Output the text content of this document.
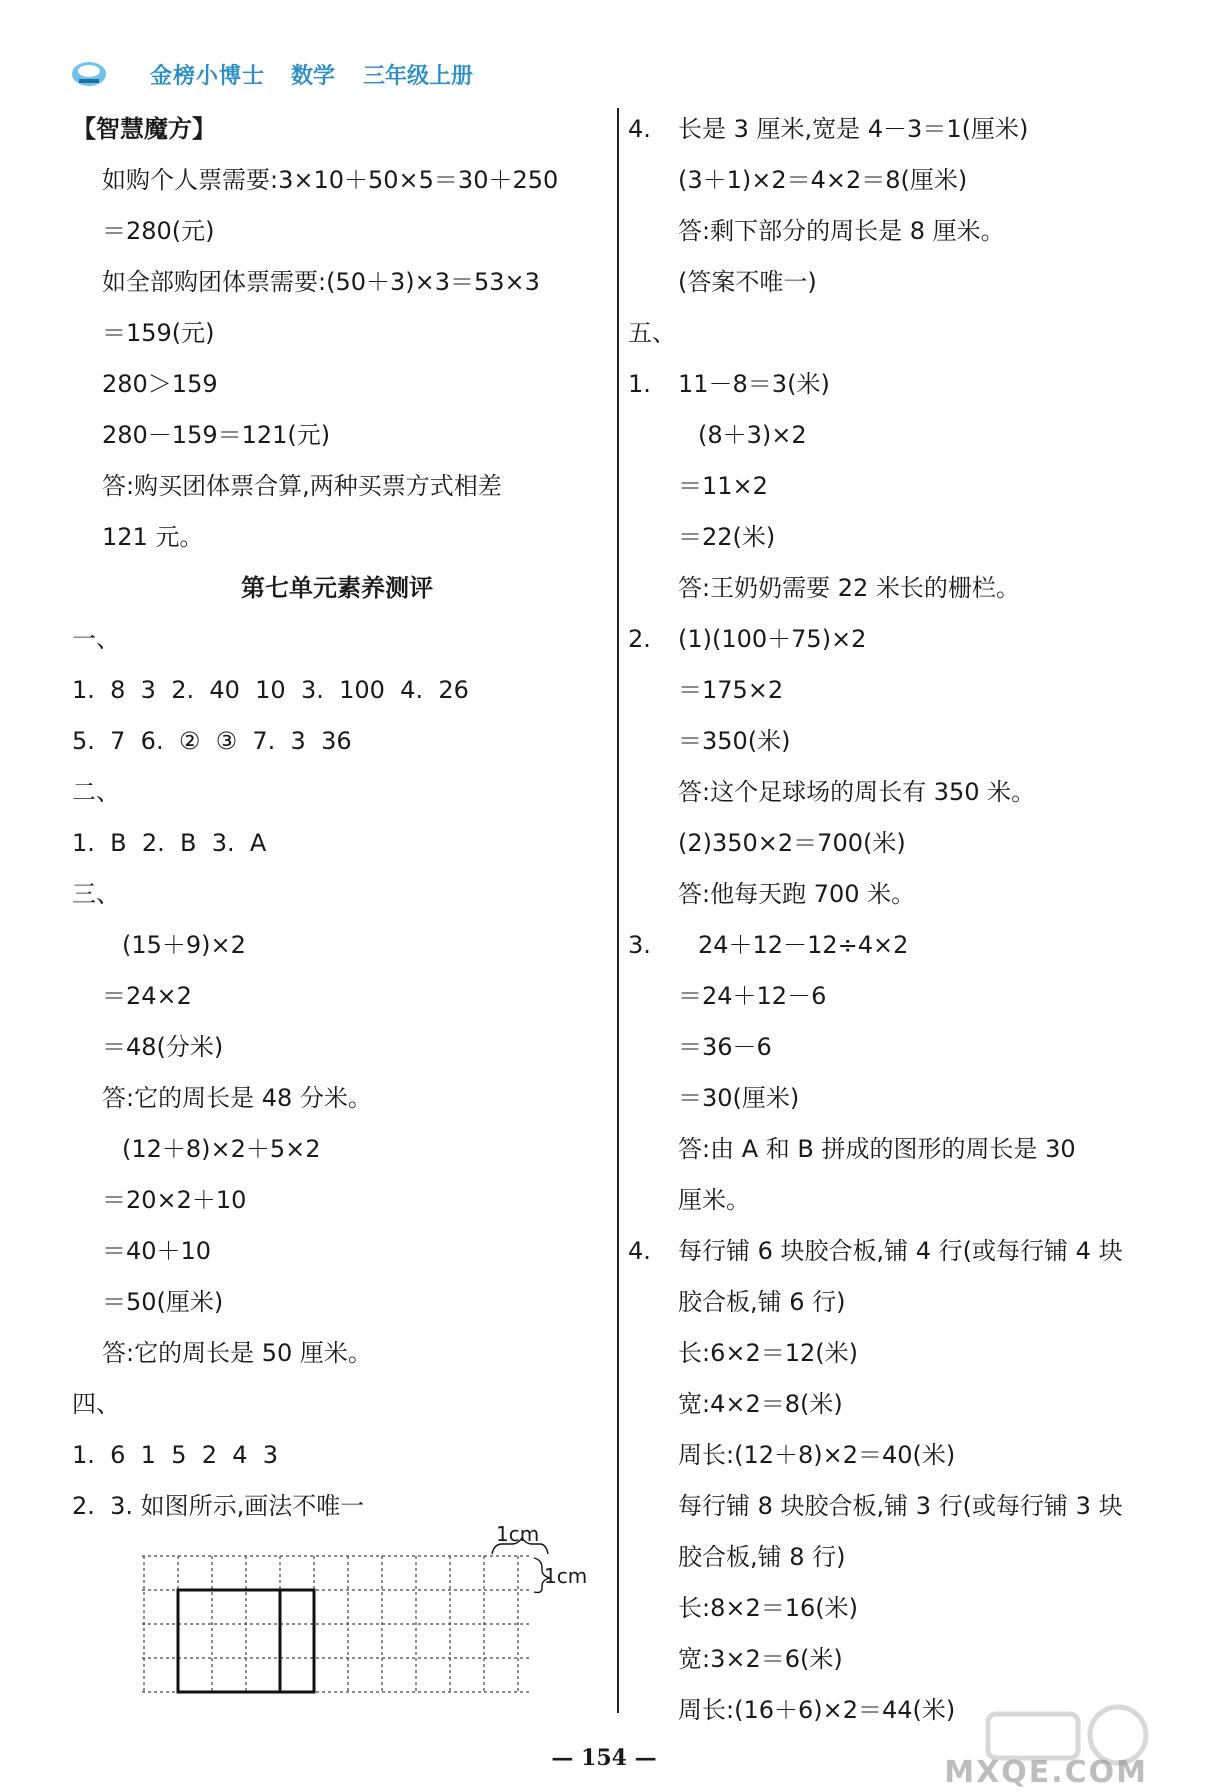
金榜小博士 数学 三年级上册
【智慧魔方】
如购个人票需要:3×10＋50×5＝30＋250
＝280(元)
如全部购团体票需要:(50＋3)×3＝53×3
＝159(元)
280＞159
280－159＝121(元)
答:购买团体票合算,两种买票方式相差
121 元。
第七单元素养测评
一、
1.  8  3  2.  40  10  3.  100  4.  26
5.  7  6.  ②  ③  7.  3  36
二、
1.  B  2.  B  3.  A
三、
(15＋9)×2
＝24×2
＝48(分米)
答:它的周长是 48 分米。
(12＋8)×2＋5×2
＝20×2＋10
＝40＋10
＝50(厘米)
答:它的周长是 50 厘米。
四、
1.  6  1  5  2  4  3
2.  3. 如图所示,画法不唯一
1cm
1cm
4. 长是 3 厘米,宽是 4－3＝1(厘米)
(3＋1)×2＝4×2＝8(厘米)
答:剩下部分的周长是 8 厘米。
(答案不唯一)
五、
1. 11－8＝3(米)
(8＋3)×2
＝11×2
＝22(米)
答:王奶奶需要 22 米长的栅栏。
2. (1)(100＋75)×2
＝175×2
＝350(米)
答:这个足球场的周长有 350 米。
(2)350×2＝700(米)
答:他每天跑 700 米。
3. 24＋12－12÷4×2
＝24＋12－6
＝36－6
＝30(厘米)
答:由 A 和 B 拼成的图形的周长是 30
厘米。
4. 每行铺 6 块胶合板,铺 4 行(或每行铺 4 块
胶合板,铺 6 行)
长:6×2＝12(米)
宽:4×2＝8(米)
周长:(12＋8)×2＝40(米)
每行铺 8 块胶合板,铺 3 行(或每行铺 3 块
胶合板,铺 8 行)
长:8×2＝16(米)
宽:3×2＝6(米)
周长:(16＋6)×2＝44(米)
— 154 —	MXQE.COM
